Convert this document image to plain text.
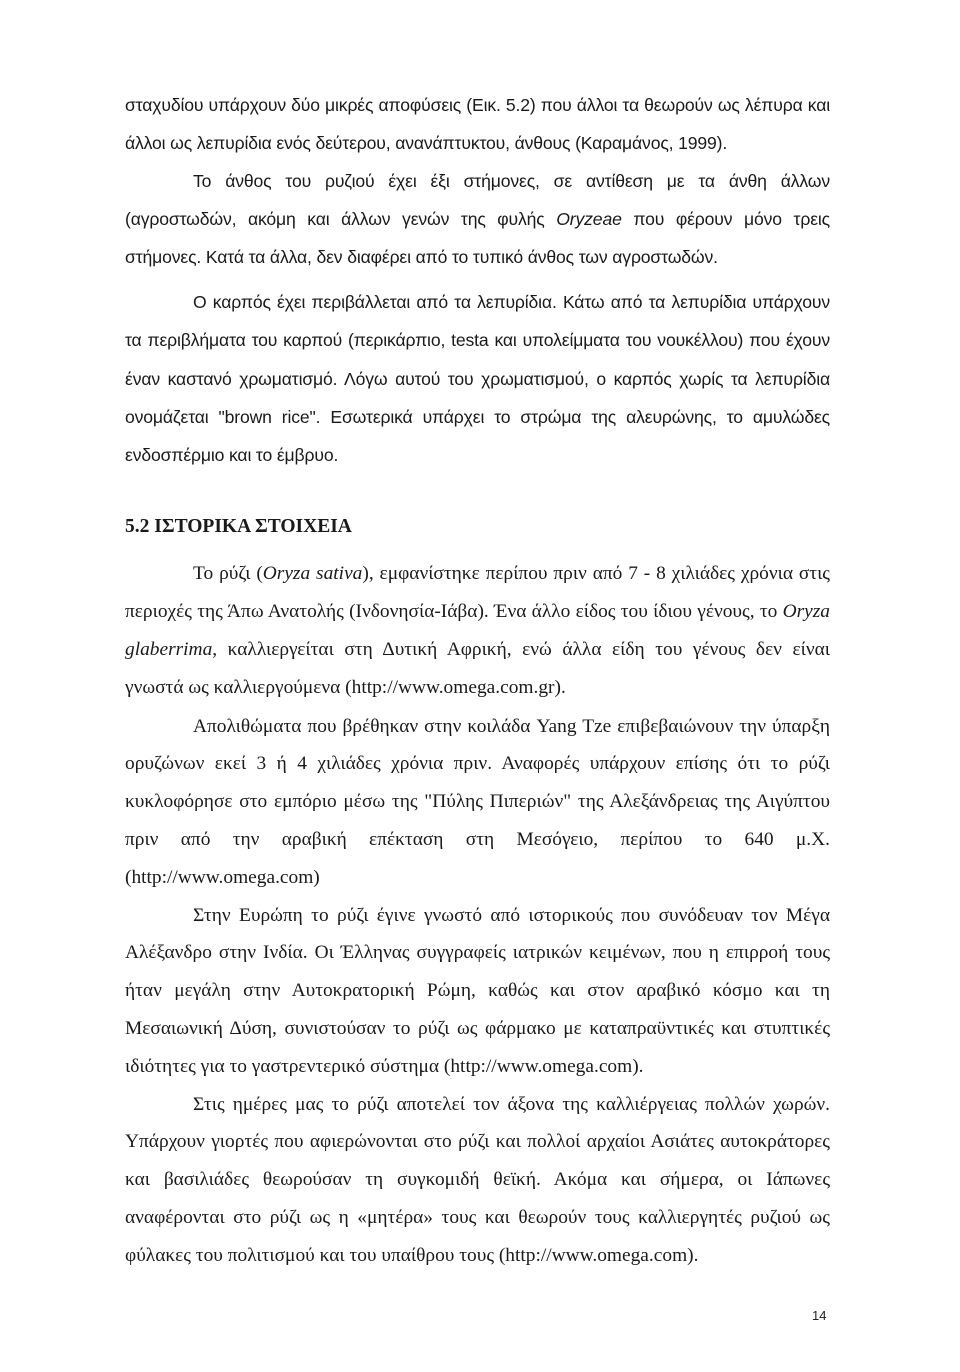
σταχυδίου υπάρχουν δύο μικρές αποφύσεις (Εικ. 5.2) που άλλοι τα θεωρούν ως λέπυρα και άλλοι ως λεπυρίδια ενός δεύτερου, ανανάπτυκτου, άνθους (Καραμάνος, 1999).

Το άνθος του ρυζιού έχει έξι στήμονες, σε αντίθεση με τα άνθη άλλων (αγροστωδών, ακόμη και άλλων γενών της φυλής Oryzeae που φέρουν μόνο τρεις στήμονες. Κατά τα άλλα, δεν διαφέρει από το τυπικό άνθος των αγροστωδών.

Ο καρπός έχει περιβάλλεται από τα λεπυρίδια. Κάτω από τα λεπυρίδια υπάρχουν τα περιβλήματα του καρπού (περικάρπιο, testa και υπολείμματα του νουκέλλου) που έχουν έναν καστανό χρωματισμό. Λόγω αυτού του χρωματισμού, ο καρπός χωρίς τα λεπυρίδια ονομάζεται "brown rice". Εσωτερικά υπάρχει το στρώμα της αλευρώνης, το αμυλώδες ενδοσπέρμιο και το έμβρυο.

5.2 ΙΣΤΟΡΙΚΑ ΣΤΟΙΧΕΙΑ

Το ρύζι (Oryza sativa), εμφανίστηκε περίπου πριν από 7 - 8 χιλιάδες χρόνια στις περιοχές της Άπω Ανατολής (Ινδονησία-Ιάβα). Ένα άλλο είδος του ίδιου γένους, το Oryza glaberrima, καλλιεργείται στη Δυτική Αφρική, ενώ άλλα είδη του γένους δεν είναι γνωστά ως καλλιεργούμενα (http://www.omega.com.gr).

Απολιθώματα που βρέθηκαν στην κοιλάδα Yang Tze επιβεβαιώνουν την ύπαρξη ορυζώνων εκεί 3 ή 4 χιλιάδες χρόνια πριν. Αναφορές υπάρχουν επίσης ότι το ρύζι κυκλοφόρησε στο εμπόριο μέσω της "Πύλης Πιπεριών" της Αλεξάνδρειας της Αιγύπτου πριν από την αραβική επέκταση στη Μεσόγειο, περίπου το 640 μ.Χ. (http://www.omega.com)

Στην Ευρώπη το ρύζι έγινε γνωστό από ιστορικούς που συνόδευαν τον Μέγα Αλέξανδρο στην Ινδία. Οι Έλληνας συγγραφείς ιατρικών κειμένων, που η επιρροή τους ήταν μεγάλη στην Αυτοκρατορική Ρώμη, καθώς και στον αραβικό κόσμο και τη Μεσαιωνική Δύση, συνιστούσαν το ρύζι ως φάρμακο με καταπραϋντικές και στυπτικές ιδιότητες για το γαστρεντερικό σύστημα (http://www.omega.com).

Στις ημέρες μας το ρύζι αποτελεί τον άξονα της καλλιέργειας πολλών χωρών. Υπάρχουν γιορτές που αφιερώνονται στο ρύζι και πολλοί αρχαίοι Ασιάτες αυτοκράτορες και βασιλιάδες θεωρούσαν τη συγκομιδή θεϊκή. Ακόμα και σήμερα, οι Ιάπωνες αναφέρονται στο ρύζι ως η «μητέρα» τους και θεωρούν τους καλλιεργητές ρυζιού ως φύλακες του πολιτισμού και του υπαίθρου τους (http://www.omega.com).

14
